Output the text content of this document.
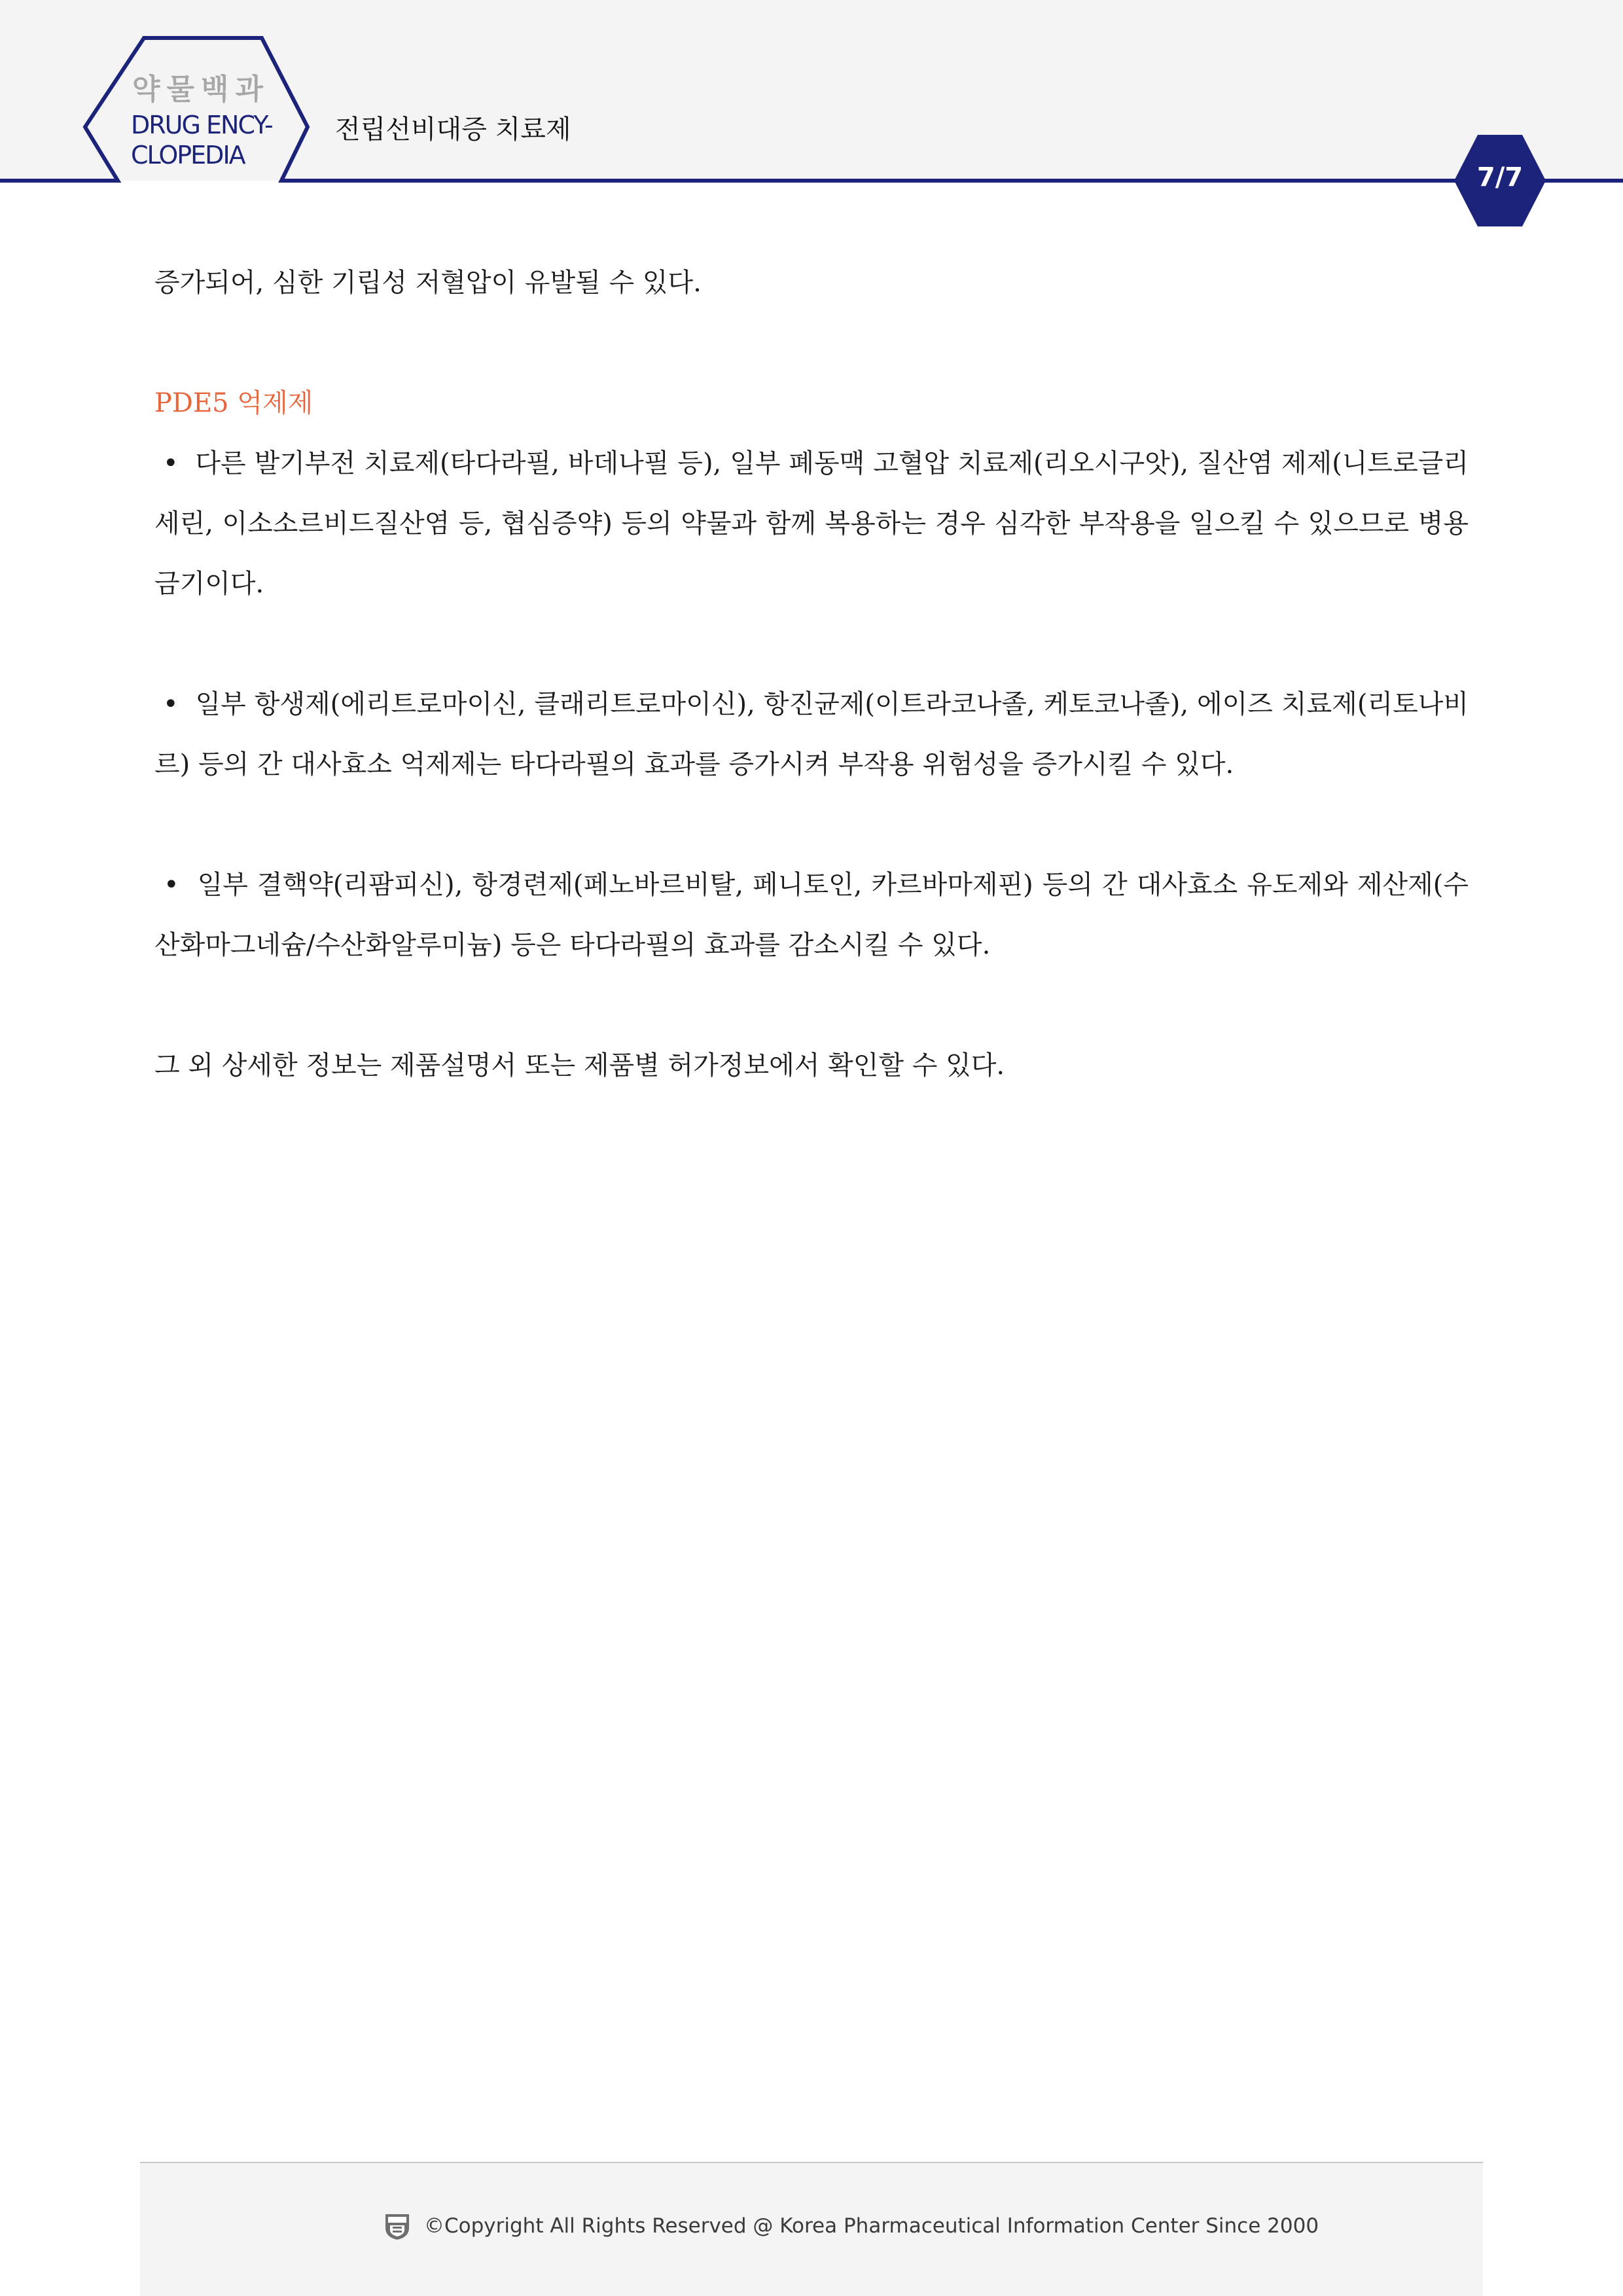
약물백과
DRUG ENCY-
CLOPEDIA
전립선비대증 치료제
7/7

증가되어, 심한 기립성 저혈압이 유발될 수 있다.

PDE5 억제제

• 다른 발기부전 치료제(타다라필, 바데나필 등), 일부 폐동맥 고혈압 치료제(리오시구앗), 질산염 제제(니트로글리세린, 이소소르비드질산염 등, 협심증약) 등의 약물과 함께 복용하는 경우 심각한 부작용을 일으킬 수 있으므로 병용 금기이다.

• 일부 항생제(에리트로마이신, 클래리트로마이신), 항진균제(이트라코나졸, 케토코나졸), 에이즈 치료제(리토나비르) 등의 간 대사효소 억제제는 타다라필의 효과를 증가시켜 부작용 위험성을 증가시킬 수 있다.

• 일부 결핵약(리팜피신), 항경련제(페노바르비탈, 페니토인, 카르바마제핀) 등의 간 대사효소 유도제와 제산제(수산화마그네슘/수산화알루미늄) 등은 타다라필의 효과를 감소시킬 수 있다.

그 외 상세한 정보는 제품설명서 또는 제품별 허가정보에서 확인할 수 있다.

©Copyright All Rights Reserved @ Korea Pharmaceutical Information Center Since 2000
